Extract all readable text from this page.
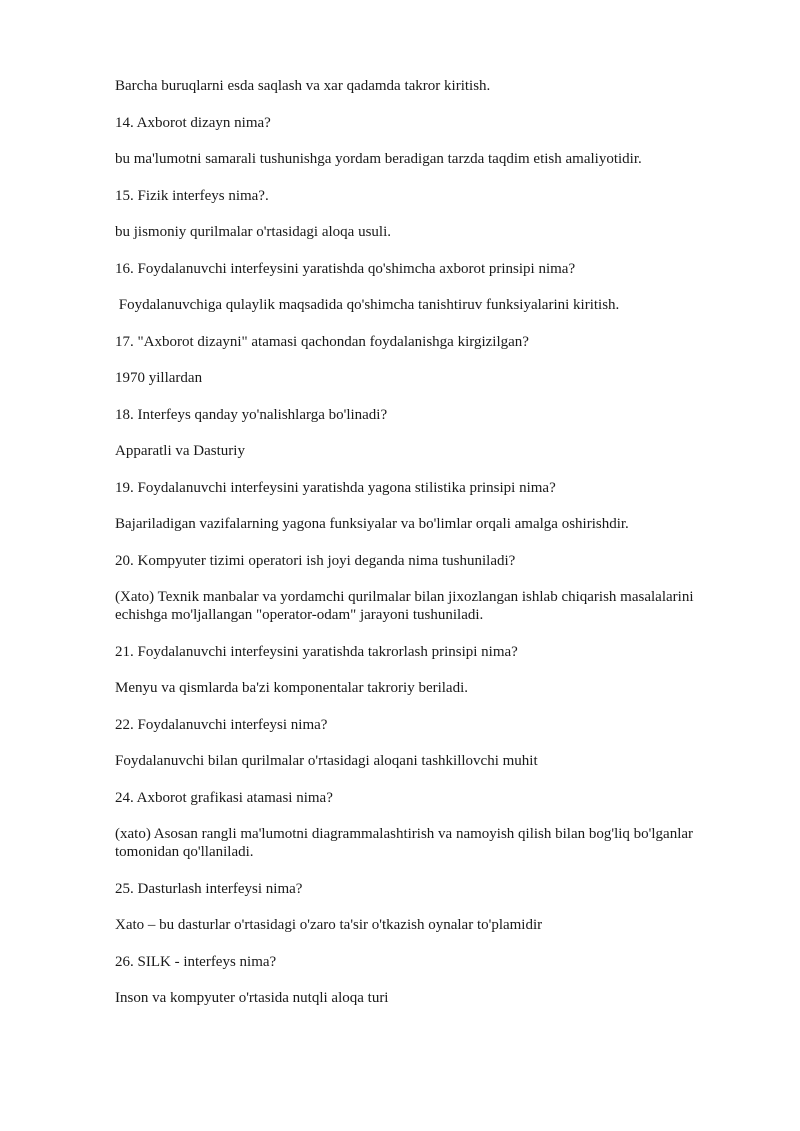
Barcha buruqlarni esda saqlash va xar qadamda takror kiritish.

14. Axborot dizayn nima?

bu ma'lumotni samarali tushunishga yordam beradigan tarzda taqdim etish amaliyotidir.

15. Fizik interfeys nima?.

bu jismoniy qurilmalar o'rtasidagi aloqa usuli.

16. Foydalanuvchi interfeysini yaratishda qo'shimcha axborot prinsipi nima?

Foydalanuvchiga qulaylik maqsadida qo'shimcha tanishtiruv funksiyalarini kiritish.

17. "Axborot dizayni" atamasi qachondan foydalanishga kirgizilgan?

1970 yillardan

18. Interfeys qanday yo'nalishlarga bo'linadi?

Apparatli va Dasturiy

19. Foydalanuvchi interfeysini yaratishda yagona stilistika prinsipi nima?

Bajariladigan vazifalarning yagona funksiyalar va bo'limlar orqali amalga oshirishdir.

20. Kompyuter tizimi operatori ish joyi deganda nima tushuniladi?

(Xato) Texnik manbalar va yordamchi qurilmalar bilan jixozlangan ishlab chiqarish masalalarini echishga mo'ljallangan "operator-odam" jarayoni tushuniladi.

21. Foydalanuvchi interfeysini yaratishda takrorlash prinsipi nima?

Menyu va qismlarda ba'zi komponentalar takroriy beriladi.

22. Foydalanuvchi interfeysi nima?

Foydalanuvchi bilan qurilmalar o'rtasidagi aloqani tashkillovchi muhit

24. Axborot grafikasi atamasi nima?

(xato) Asosan rangli ma'lumotni diagrammalashtirish va namoyish qilish bilan bog'liq bo'lganlar tomonidan qo'llaniladi.

25. Dasturlash interfeysi nima?

Xato – bu dasturlar o'rtasidagi o'zaro ta'sir o'tkazish oynalar to'plamidir

26. SILK - interfeys nima?

Inson va kompyuter o'rtasida nutqli aloqa turi
